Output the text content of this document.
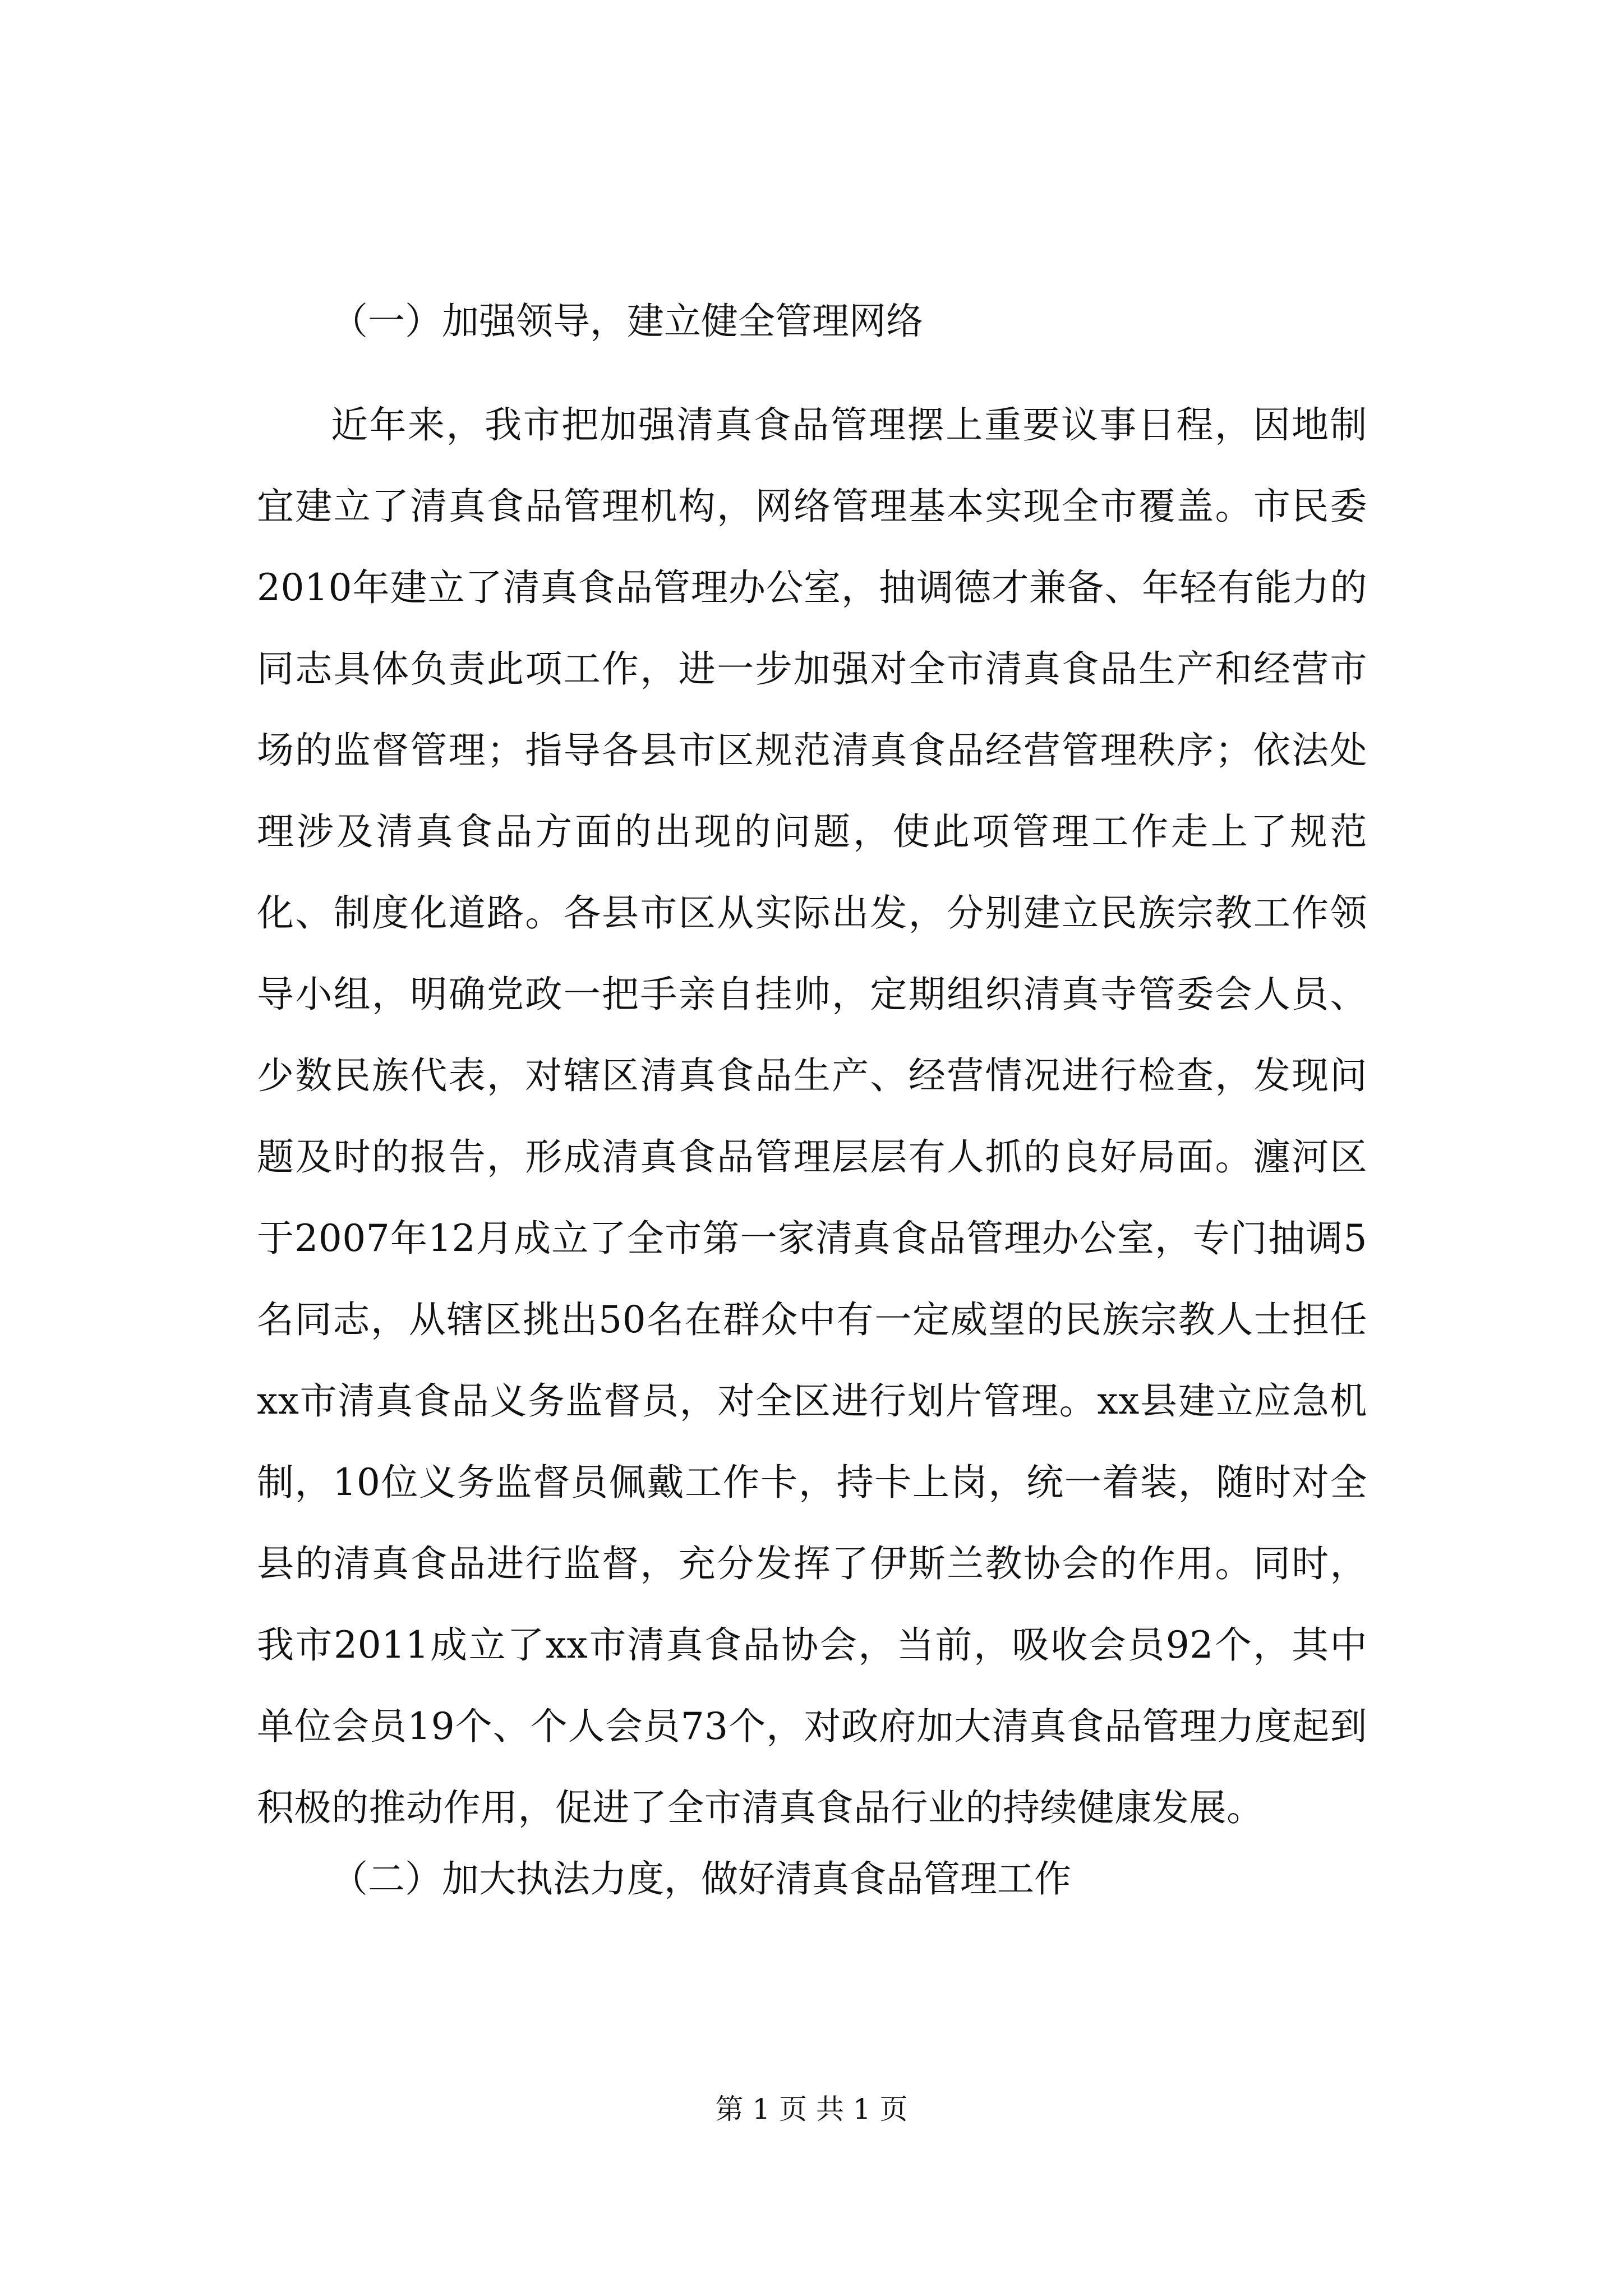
（一）加强领导，建立健全管理网络

近年来，我市把加强清真食品管理摆上重要议事日程，因地制宜建立了清真食品管理机构，网络管理基本实现全市覆盖。市民委2010年建立了清真食品管理办公室，抽调德才兼备、年轻有能力的同志具体负责此项工作，进一步加强对全市清真食品生产和经营市场的监督管理；指导各县市区规范清真食品经营管理秩序；依法处理涉及清真食品方面的出现的问题，使此项管理工作走上了规范化、制度化道路。各县市区从实际出发，分别建立民族宗教工作领导小组，明确党政一把手亲自挂帅，定期组织清真寺管委会人员、少数民族代表，对辖区清真食品生产、经营情况进行检查，发现问题及时的报告，形成清真食品管理层层有人抓的良好局面。瀍河区于2007年12月成立了全市第一家清真食品管理办公室，专门抽调5名同志，从辖区挑出50名在群众中有一定威望的民族宗教人士担任xx市清真食品义务监督员，对全区进行划片管理。xx县建立应急机制，10位义务监督员佩戴工作卡，持卡上岗，统一着装，随时对全县的清真食品进行监督，充分发挥了伊斯兰教协会的作用。同时，我市2011成立了xx市清真食品协会，当前，吸收会员92个，其中单位会员19个、个人会员73个，对政府加大清真食品管理力度起到积极的推动作用，促进了全市清真食品行业的持续健康发展。

（二）加大执法力度，做好清真食品管理工作

第 1 页 共 1 页
